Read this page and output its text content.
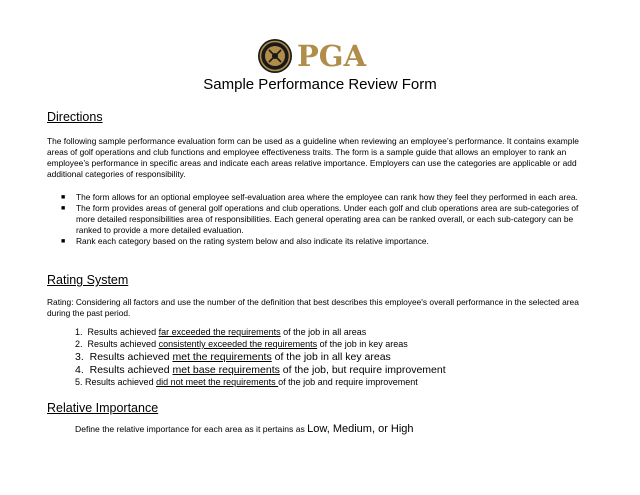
PGA
Sample Performance Review Form
Directions
The following sample performance evaluation form can be used as a guideline when reviewing an employee’s performance. It contains example areas of golf operations and club functions and employee effectiveness traits. The form is a sample guide that allows an employer to rank an employee’s performance in specific areas and indicate each areas relative importance. Employers can use the categories are applicable or add additional categories of responsibility.
■ The form allows for an optional employee self-evaluation area where the employee can rank how they feel they performed in each area.
■ The form provides areas of general golf operations and club operations. Under each golf and club operations area are sub-categories of more detailed responsibilities area of responsibilities. Each general operating area can be ranked overall, or each sub-category can be ranked to provide a more detailed evaluation.
■ Rank each category based on the rating system below and also indicate its relative importance.
Rating System
Rating: Considering all factors and use the number of the definition that best describes this employee's overall performance in the selected area during the past period.
1. Results achieved far exceeded the requirements of the job in all areas
2. Results achieved consistently exceeded the requirements of the job in key areas
3. Results achieved met the requirements of the job in all key areas
4. Results achieved met base requirements of the job, but require improvement
5. Results achieved did not meet the requirements of the job and require improvement
Relative Importance
Define the relative importance for each area as it pertains as Low, Medium, or High
